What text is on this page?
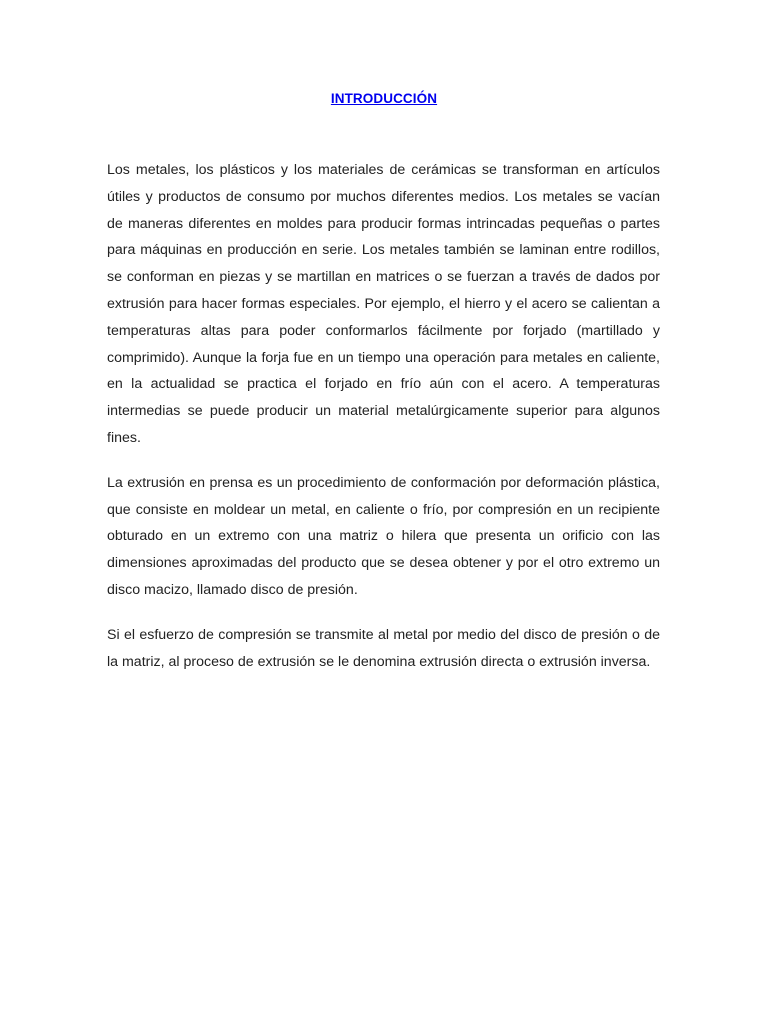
INTRODUCCIÓN

Los metales, los plásticos y los materiales de cerámicas se transforman en artículos útiles y productos de consumo por muchos diferentes medios. Los metales se vacían de maneras diferentes en moldes para producir formas intrincadas pequeñas o partes para máquinas en producción en serie. Los metales también se laminan entre rodillos, se conforman en piezas y se martillan en matrices o se fuerzan a través de dados por extrusión para hacer formas especiales. Por ejemplo, el hierro y el acero se calientan a temperaturas altas para poder conformarlos fácilmente por forjado (martillado y comprimido). Aunque la forja fue en un tiempo una operación para metales en caliente, en la actualidad se practica el forjado en frío aún con el acero. A temperaturas intermedias se puede producir un material metalúrgicamente superior para algunos fines.

La extrusión en prensa es un procedimiento de conformación por deformación plástica, que consiste en moldear un metal, en caliente o frío, por compresión en un recipiente obturado en un extremo con una matriz o hilera que presenta un orificio con las dimensiones aproximadas del producto que se desea obtener y por el otro extremo un disco macizo, llamado disco de presión.

Si el esfuerzo de compresión se transmite al metal por medio del disco de presión o de la matriz, al proceso de extrusión se le denomina extrusión directa o extrusión inversa.
